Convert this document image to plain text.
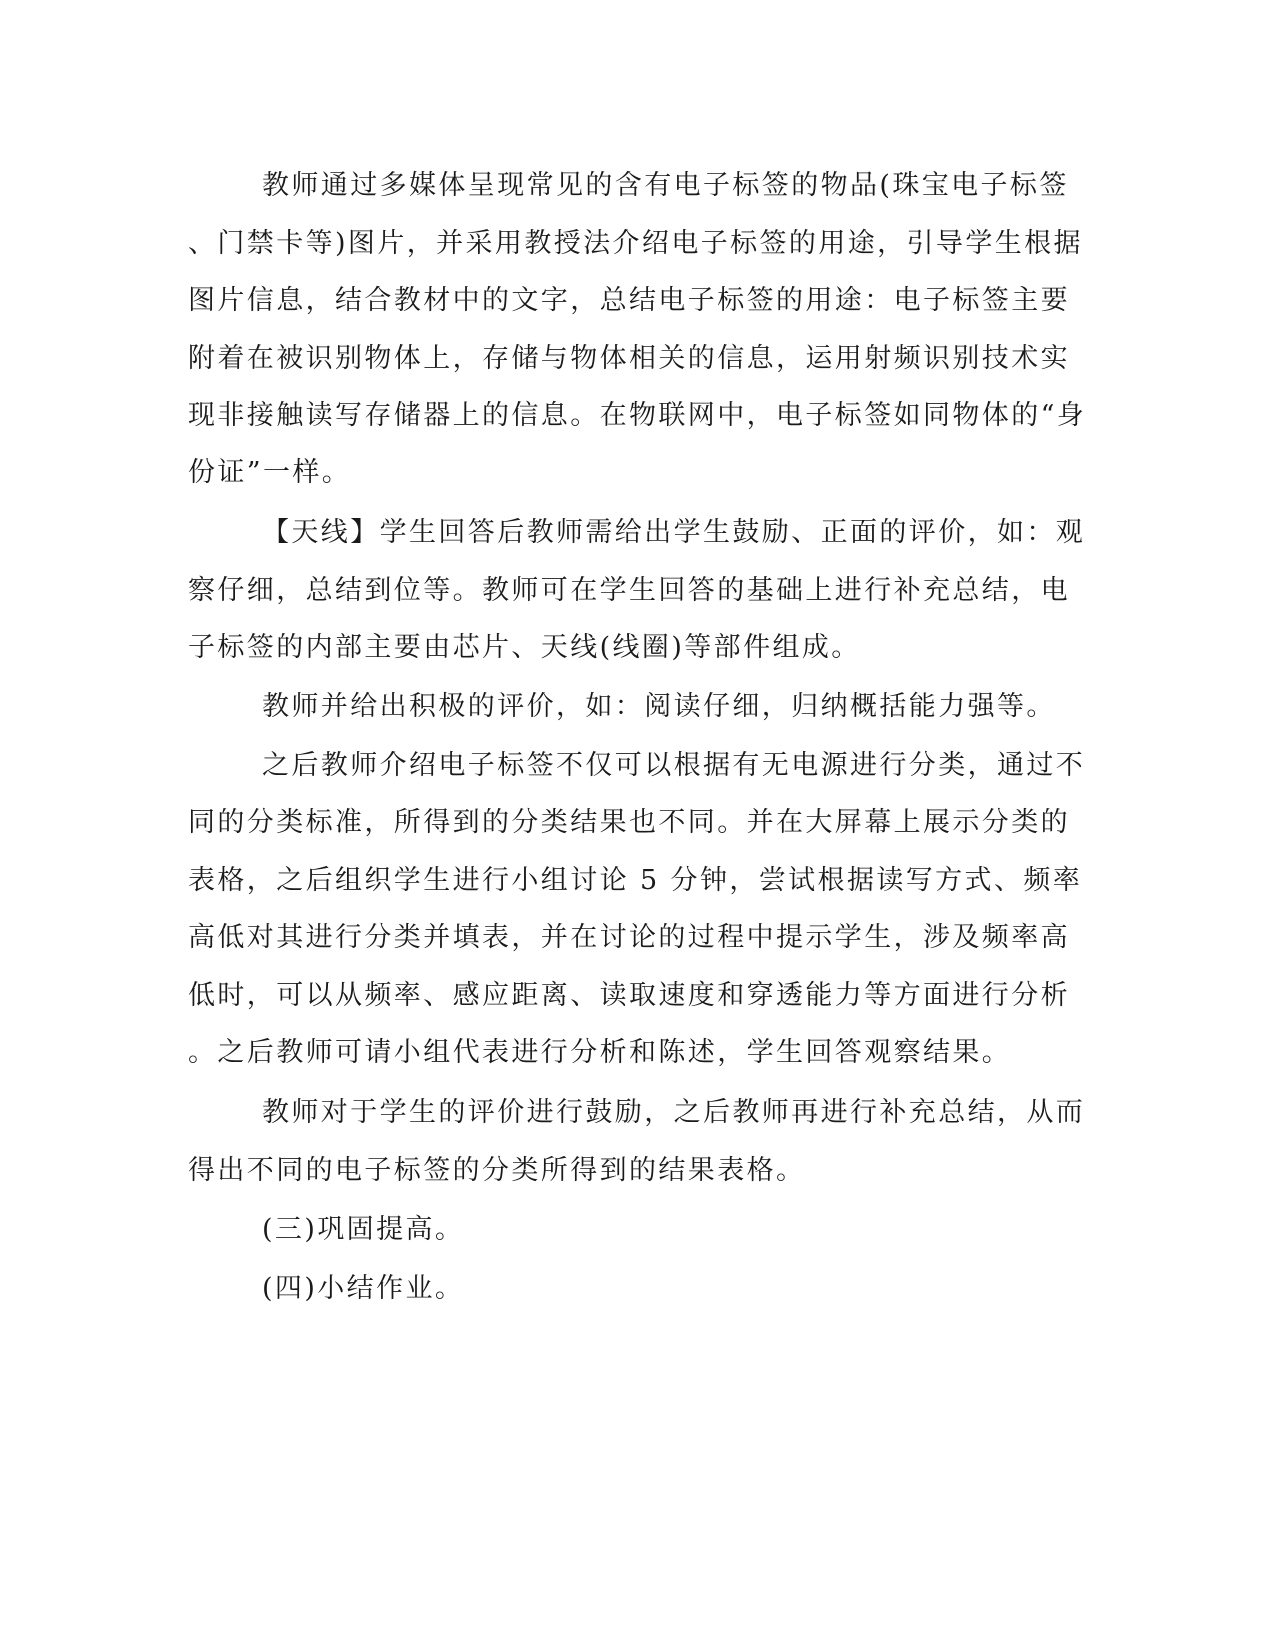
教师通过多媒体呈现常见的含有电子标签的物品(珠宝电子标签
、门禁卡等)图片，并采用教授法介绍电子标签的用途，引导学生根据
图片信息，结合教材中的文字，总结电子标签的用途：电子标签主要
附着在被识别物体上，存储与物体相关的信息，运用射频识别技术实
现非接触读写存储器上的信息。在物联网中，电子标签如同物体的“身
份证”一样。
【天线】学生回答后教师需给出学生鼓励、正面的评价，如：观
察仔细，总结到位等。教师可在学生回答的基础上进行补充总结，电
子标签的内部主要由芯片、天线(线圈)等部件组成。
教师并给出积极的评价，如：阅读仔细，归纳概括能力强等。
之后教师介绍电子标签不仅可以根据有无电源进行分类，通过不
同的分类标准，所得到的分类结果也不同。并在大屏幕上展示分类的
表格，之后组织学生进行小组讨论 5 分钟，尝试根据读写方式、频率
高低对其进行分类并填表，并在讨论的过程中提示学生，涉及频率高
低时，可以从频率、感应距离、读取速度和穿透能力等方面进行分析
。之后教师可请小组代表进行分析和陈述，学生回答观察结果。
教师对于学生的评价进行鼓励，之后教师再进行补充总结，从而
得出不同的电子标签的分类所得到的结果表格。
(三)巩固提高。
(四)小结作业。
